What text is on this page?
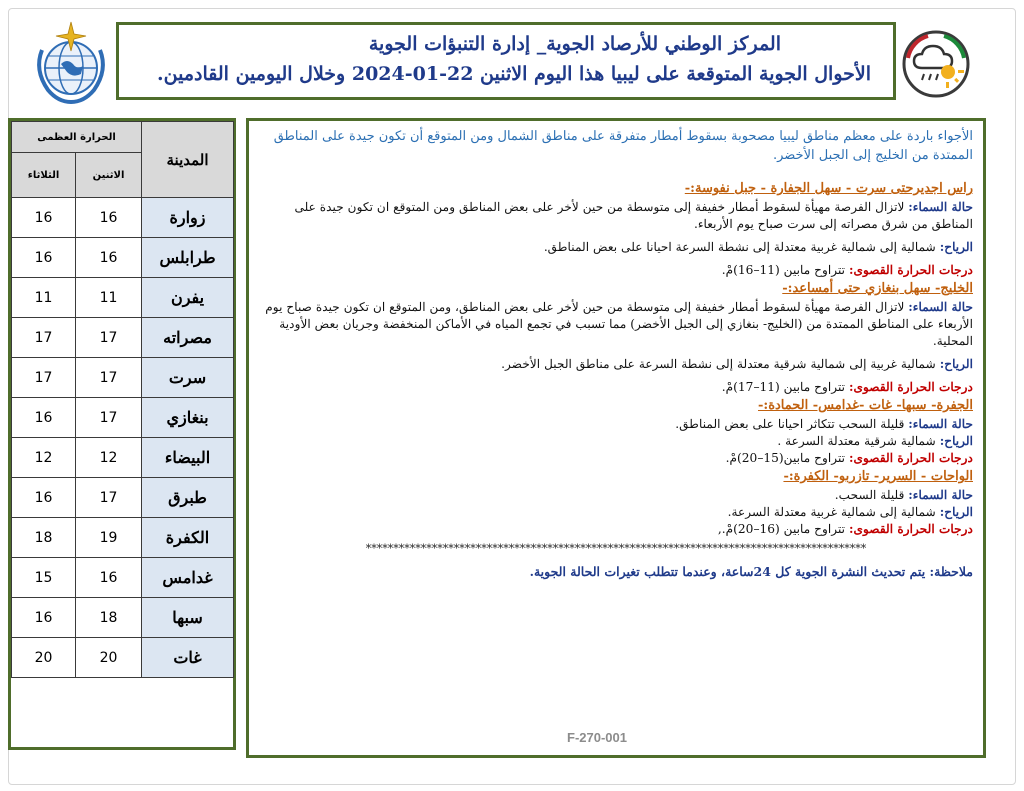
المركز الوطني للأرصاد الجوية_ إدارة التنبؤات الجوية
الأحوال الجوية المتوقعة على ليبيا هذا اليوم الاثنين 22-01-2024 وخلال اليومين القادمين.
المدينة	الحرارة العظمى	
	الاثنين	الثلاثاء
زوارة	16	16
طرابلس	16	16
يفرن	11	11
مصراته	17	17
سرت	17	17
بنغازي	17	16
البيضاء	12	12
طبرق	17	16
الكفرة	19	18
غدامس	16	15
سبها	18	16
غات	20	20
الأجواء باردة على معظم مناطق ليبيا مصحوبة بسقوط أمطار متفرقة على مناطق الشمال ومن المتوقع أن تكون جيدة على المناطق الممتدة من الخليج إلى الجبل الأخضر.
راس اجديرحتى سرت - سهل الجفارة - جبل نفوسة:-
حالة السماء: لاتزال الفرصة مهيأة لسقوط أمطار خفيفة إلى متوسطة من حين لأخر على بعض المناطق ومن المتوقع ان تكون جيدة على المناطق من شرق مصراته إلى سرت صباح يوم الأربعاء.
الرياح: شمالية إلى شمالية غربية معتدلة إلى نشطة السرعة احيانا على بعض المناطق.
درجات الحرارة القصوى: تتراوح مابين (11–16)مْ.
الخليج- سهل بنغازي حتى أمساعد:-
حالة السماء: لاتزال الفرصة مهيأة لسقوط أمطار خفيفة إلى متوسطة من حين لأخر على بعض المناطق، ومن المتوقع ان تكون جيدة صباح يوم الأربعاء على المناطق الممتدة من (الخليج- بنغازي إلى الجبل الأخضر) مما تسبب في تجمع المياه في الأماكن المنخفضة وجريان بعض الأودية المحلية.
الرياح: شمالية غربية إلى شمالية شرقية معتدلة إلى نشطة السرعة على مناطق الجبل الأخضر.
درجات الحرارة القصوى: تتراوح مابين (11–17)مْ.
الجفرة- سبها- غات -غدامس- الحمادة:-
حالة السماء: قليلة السحب تتكاثر احيانا على بعض المناطق.
الرياح: شمالية شرقية معتدلة السرعة .
درجات الحرارة القصوى: تتراوح مابين(15–20)مْ.
الواحات - السرير- تازربو- الكفرة:-
حالة السماء: قليلة السحب.
الرياح: شمالية إلى شمالية غربية معتدلة السرعة.
درجات الحرارة القصوى: تتراوح مابين (16–20)مْ.,
*******************************************************************************************
ملاحظة: يتم تحديث النشرة الجوية كل 24ساعة، وعندما تتطلب تغيرات الحالة الجوية.
F-270-001
